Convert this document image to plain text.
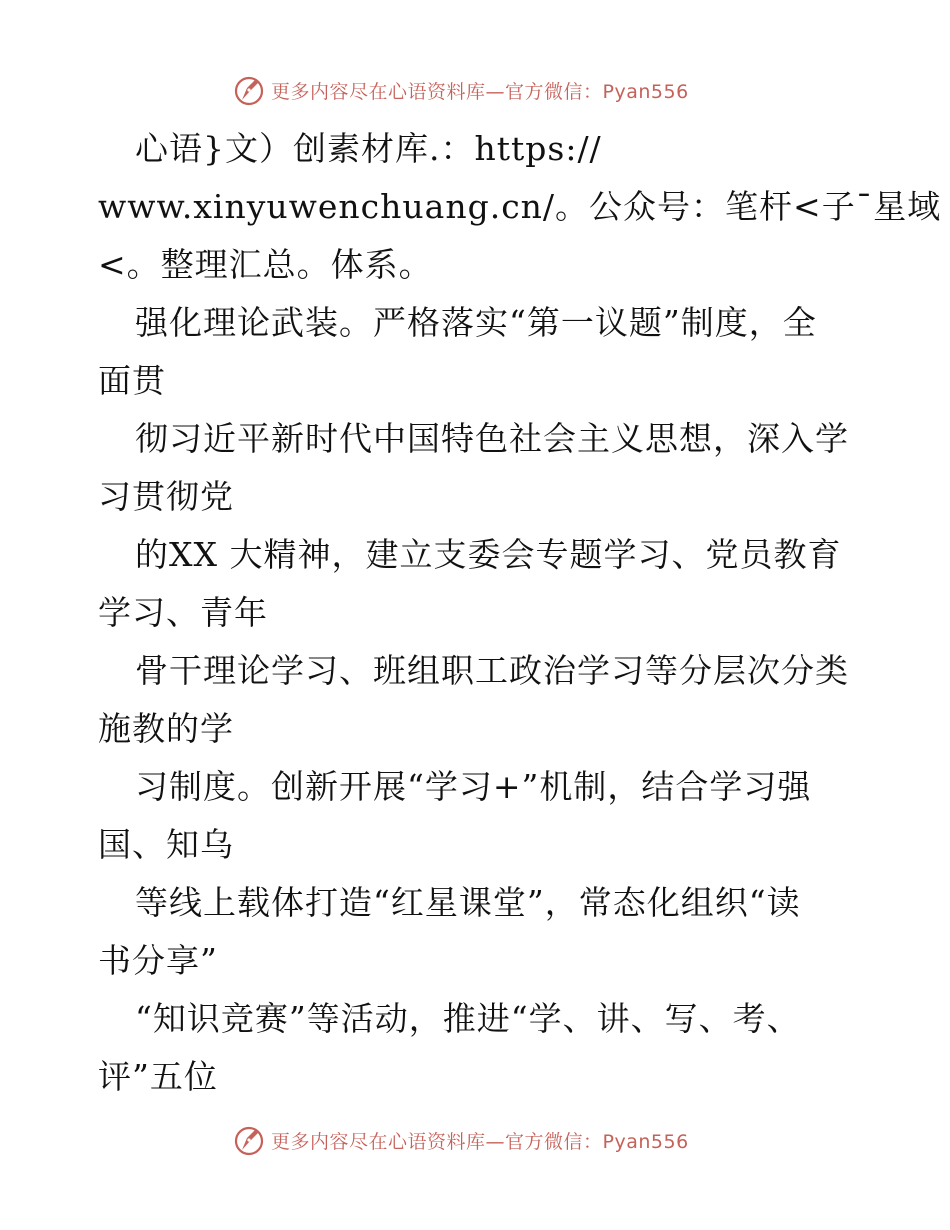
更多内容尽在心语资料库—官方微信：Pyan556
心语}文）创素材库.：https://
www.xinyuwenchuang.cn/。公众号：笔杆<子¯星域
<。整理汇总。体系。
强化理论武装。严格落实“第一议题”制度，全
面贯
彻习近平新时代中国特色社会主义思想，深入学
习贯彻党
的XX 大精神，建立支委会专题学习、党员教育
学习、青年
骨干理论学习、班组职工政治学习等分层次分类
施教的学
习制度。创新开展“学习+”机制，结合学习强
国、知乌
等线上载体打造“红星课堂”，常态化组织“读
书分享”
“知识竞赛”等活动，推进“学、讲、写、考、
评”五位
更多内容尽在心语资料库—官方微信：Pyan556
